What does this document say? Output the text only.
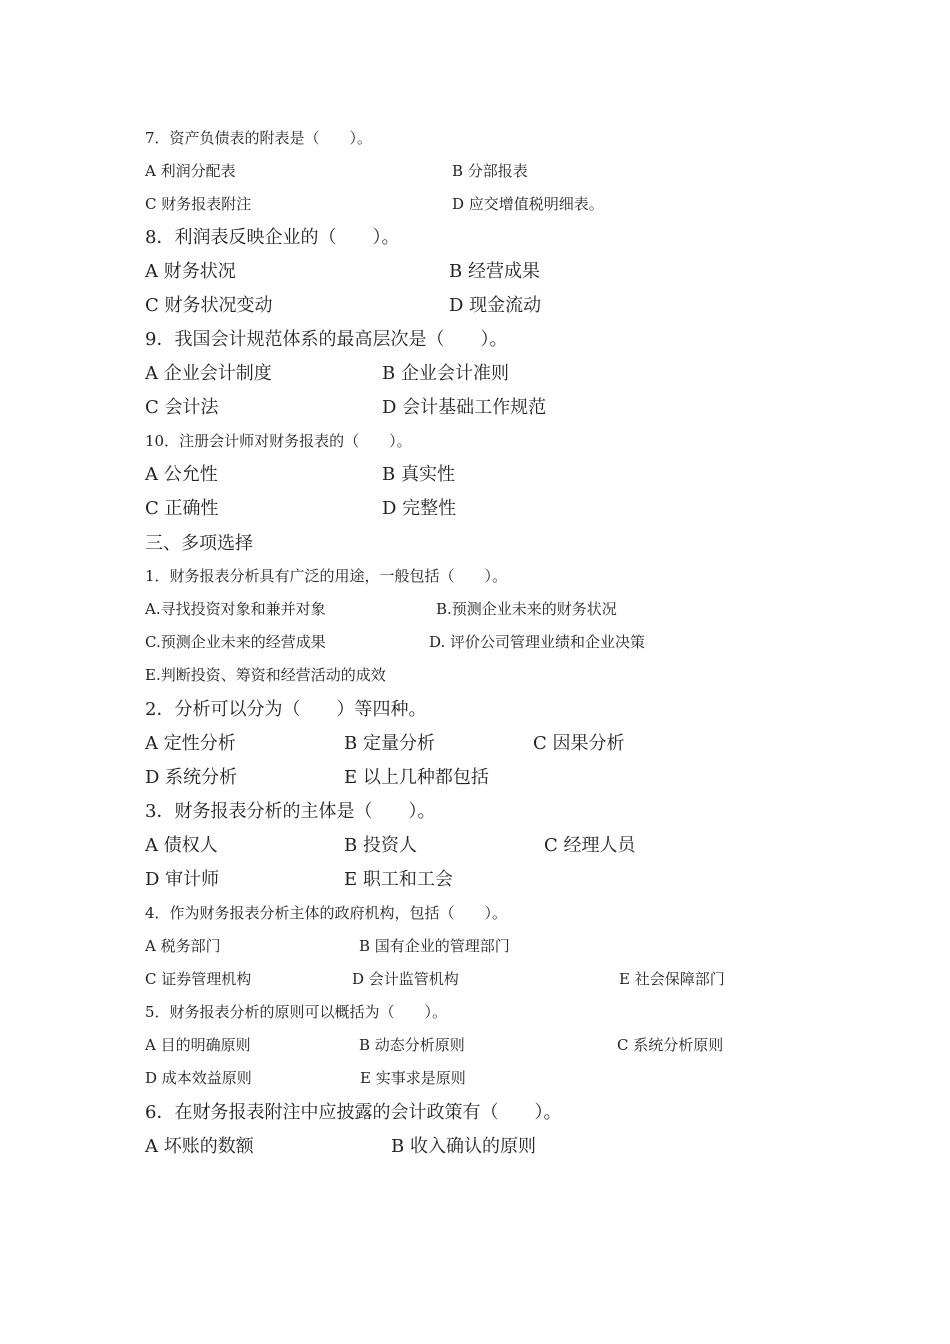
7．资产负债表的附表是（　　）。
A 利润分配表	B 分部报表
C 财务报表附注	D 应交增值税明细表。
8．利润表反映企业的（　　）。
A 财务状况	B 经营成果
C 财务状况变动	D 现金流动
9．我国会计规范体系的最高层次是（　　）。
A 企业会计制度	B 企业会计准则
C 会计法	D 会计基础工作规范
10．注册会计师对财务报表的（　　）。
A 公允性	B 真实性
C 正确性	D 完整性
三、多项选择
1．财务报表分析具有广泛的用途，一般包括（　　）。
A.寻找投资对象和兼并对象	B.预测企业未来的财务状况
C.预测企业未来的经营成果	D. 评价公司管理业绩和企业决策
E.判断投资、筹资和经营活动的成效
2．分析可以分为（　　）等四种。
A 定性分析	B 定量分析	C 因果分析
D 系统分析	E 以上几种都包括
3．财务报表分析的主体是（　　）。
A 债权人	B 投资人	C 经理人员
D 审计师	E 职工和工会
4．作为财务报表分析主体的政府机构，包括（　　）。
A 税务部门	B 国有企业的管理部门
C 证券管理机构	D 会计监管机构	E 社会保障部门
5．财务报表分析的原则可以概括为（　　）。
A 目的明确原则	B 动态分析原则	C 系统分析原则
D 成本效益原则	E 实事求是原则
6．在财务报表附注中应披露的会计政策有（　　）。
A 坏账的数额	B 收入确认的原则
